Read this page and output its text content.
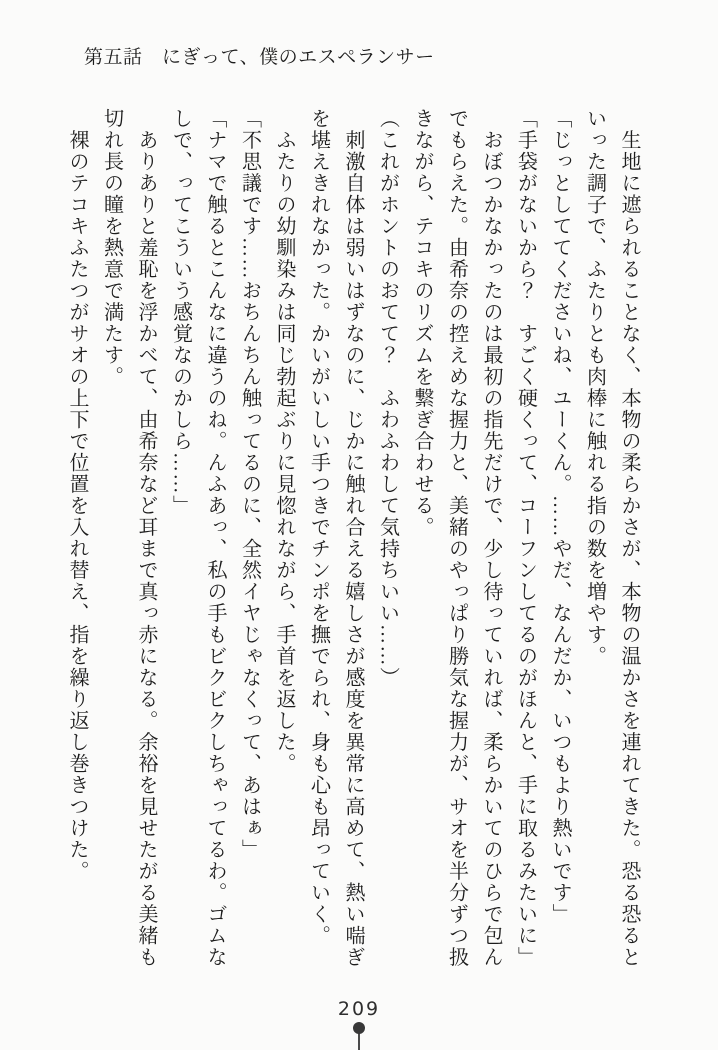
第五話　にぎって、僕のエスペランサー

　生地に遮られることなく、本物の柔らかさが、本物の温かさを連れてきた。恐る恐るといった調子で、ふたりとも肉棒に触れる指の数を増やす。

「じっとしててくださいね、ユーくん。……やだ、なんだか、いつもより熱いです」

「手袋がないから？　すごく硬くって、コーフンしてるのがほんと、手に取るみたいに」

　おぼつかなかったのは最初の指先だけで、少し待っていれば、柔らかいてのひらで包んでもらえた。由希奈の控えめな握力と、美緒のやっぱり勝気な握力が、サオを半分ずつ扱きながら、テコキのリズムを繋ぎ合わせる。

（これがホントのおてて？　ふわふわして気持ちいい……）

　刺激自体は弱いはずなのに、じかに触れ合える嬉しさが感度を異常に高めて、熱い喘ぎを堪えきれなかった。かいがいしい手つきでチンポを撫でられ、身も心も昂っていく。

　ふたりの幼馴染みは同じ勃起ぶりに見惚れながら、手首を返した。

「不思議です……おちんちん触ってるのに、全然イヤじゃなくって、あはぁ」

「ナマで触るとこんなに違うのね。んふあっ、私の手もビクビクしちゃってるわ。ゴムなしで、ってこういう感覚なのかしら……」

　ありありと羞恥を浮かべて、由希奈など耳まで真っ赤になる。余裕を見せたがる美緒も切れ長の瞳を熱意で満たす。

　裸のテコキふたつがサオの上下で位置を入れ替え、指を繰り返し巻きつけた。

209
